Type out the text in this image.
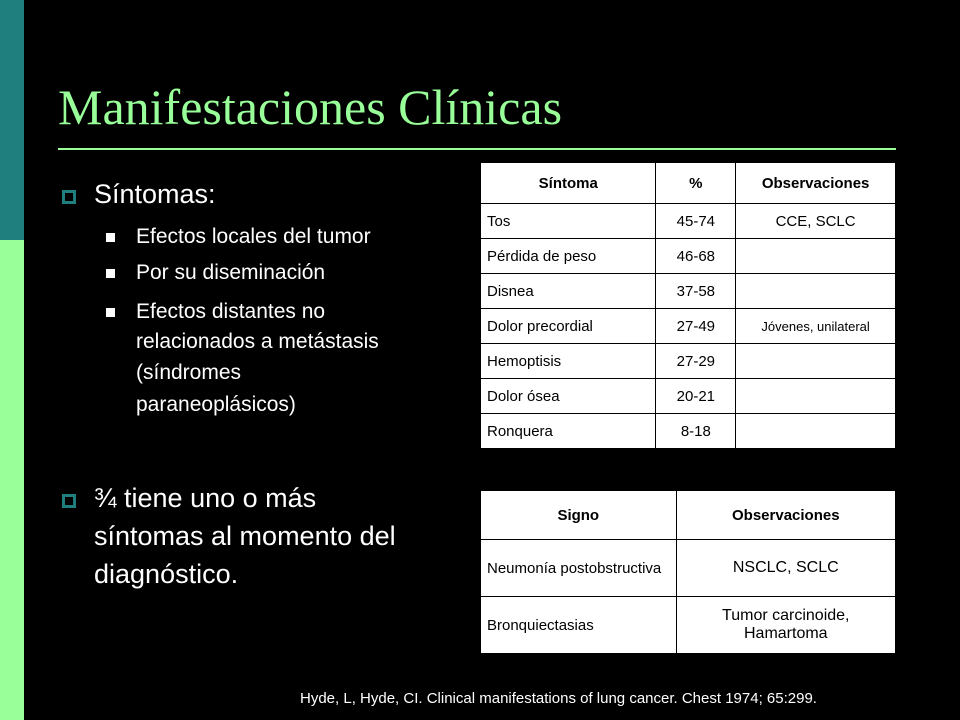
Manifestaciones Clínicas
Síntomas:
Efectos locales del tumor
Por su diseminación
Efectos distantes no
relacionados a metástasis
(síndromes
paraneoplásicos)
¾ tiene uno o más
síntomas al momento del
diagnóstico.
Síntoma	%	Observaciones
Tos	45-74	CCE, SCLC
Pérdida de peso	46-68	
Disnea	37-58	
Dolor precordial	27-49	Jóvenes, unilateral
Hemoptisis	27-29	
Dolor ósea	20-21	
Ronquera	8-18	
Signo	Observaciones
Neumonía postobstructiva	NSCLC, SCLC
Bronquiectasias	Tumor carcinoide, Hamartoma
Hyde, L, Hyde, CI. Clinical manifestations of lung cancer. Chest 1974; 65:299.
